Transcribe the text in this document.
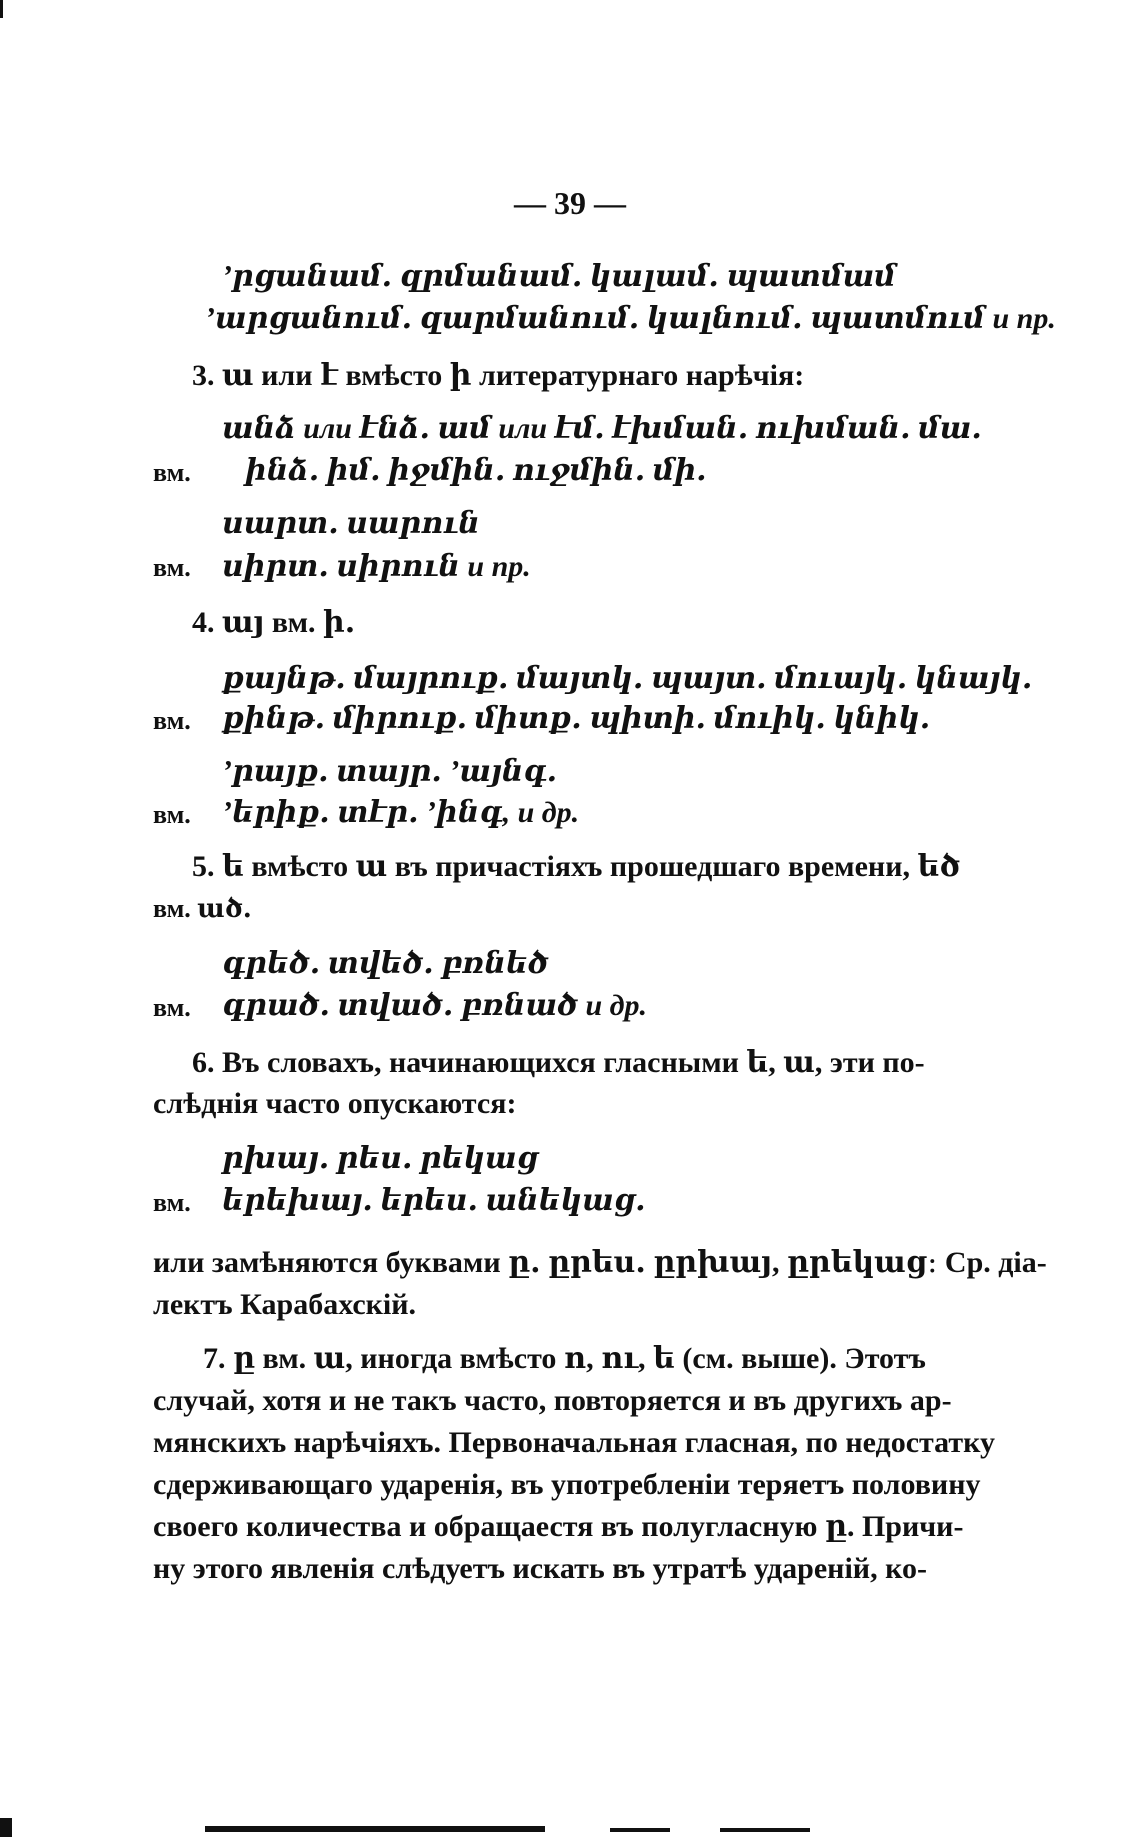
— 39 —
ʼրցանամ․ զրմանամ․ կալամ․ պատմամ
ʼարցանում․ զարմանում․ կալնում․ պատմում и пр.
3. ա или է вмѣсто ի литературнаго нарѣчія:
անձ или էնձ․ ամ или էմ․ էխման․ ուխման․ մա․
вм. ինձ․ իմ․ իջմին․ ուջմին․ մի․
սարտ․ սարուն
вм. սիրտ․ սիրուն и пр.
4. այ вм. ի․
քայնթ․ մայրուք․ մայտկ․ պայտ․ մուայկ․ կնայկ․
вм. քինթ․ միրուք․ միտք․ պիտի․ մուիկ․ կնիկ․
ʼրայք․ տայր․ ʼայնգ․
вм. ʼերիք․ տէր․ ʼինգ, и др.
5. ե вмѣсто ա въ причастіяхъ прошедшаго времени, եծ
вм. ած․
գրեծ․ տվեծ․ բռնեծ
вм. գրած․ տված․ բռնած и др.
6. Въ словахъ, начинающихся гласными ե, ա, эти по-
слѣднія часто опускаются:
րխայ․ րես․ րեկաց
вм. երեխայ․ երես․ անեկաց․
или замѣняются буквами ը․ ըրես․ ըրխայ, ըրեկաց։ Ср. діа-
лектъ Карабахскій.
7. ը вм. ա, иногда вмѣсто ո, ու, ե (см. выше). Этотъ
случай, хотя и не такъ часто, повторяется и въ другихъ ар-
мянскихъ нарѣчіяхъ. Первоначальная гласная, по недостатку
сдерживающаго ударенія, въ употребленіи теряетъ половину
своего количества и обращаестя въ полугласную ը. Причи-
ну этого явленія слѣдуетъ искать въ утратѣ ударенiй, ко-
